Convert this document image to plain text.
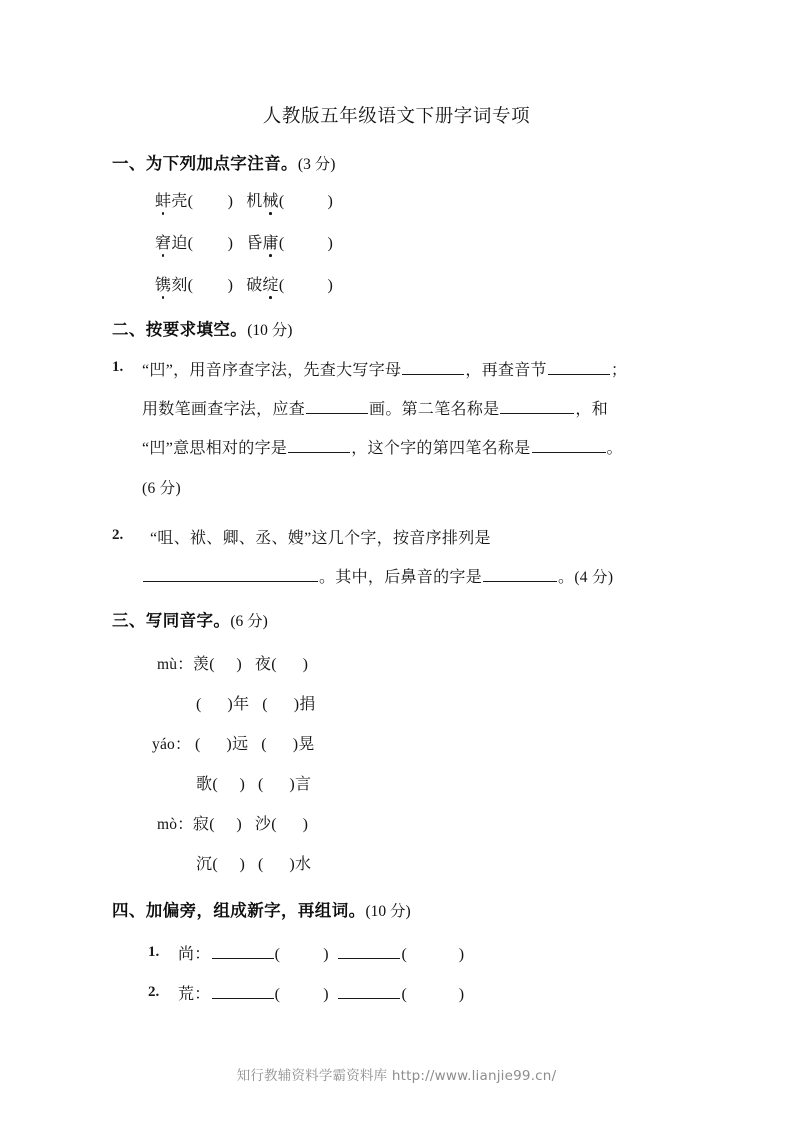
人教版五年级语文下册字词专项
一、为下列加点字注音。(3 分)
蚌壳(        ) 机械(          )
窘迫(        ) 昏庸(          )
镌刻(        ) 破绽(          )
二、按要求填空。(10 分)
1. “凹”，用音序查字法，先查大写字母	，再查音节	；
用数笔画查字法，应查	画。第二笔名称是	，和
“凹”意思相对的字是	，这个字的第四笔名称是	。
(6 分)
2. “咀、袱、卿、丞、嫂”这几个字，按音序排列是
。其中，后鼻音的字是	。(4 分)
三、写同音字。(6 分)
mù：羡(     ) 夜(      )
(      )年 (      )捐
yáo： (      )远 (      )晃
歌(     ) (      )言
mò：寂(     ) 沙(      )
沉(     ) (      )水
四、加偏旁，组成新字，再组词。(10 分)
1. 尚：	(          )	(            )
2. 荒：	(          )	(            )
知行教辅资料学霸资料库 http://www.lianjie99.cn/
